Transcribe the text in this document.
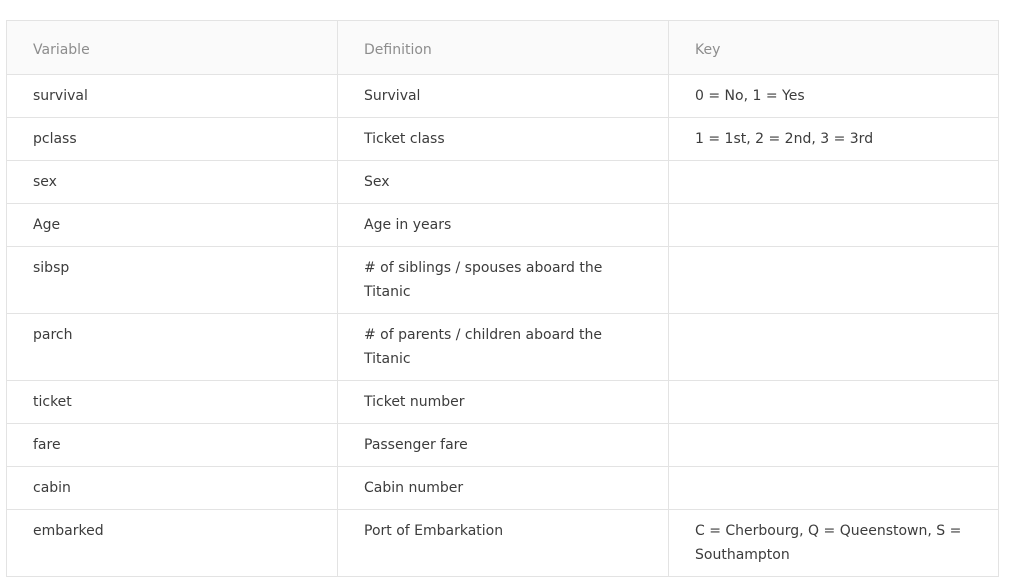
Variable	Definition	Key
survival	Survival	0 = No, 1 = Yes
pclass	Ticket class	1 = 1st, 2 = 2nd, 3 = 3rd
sex	Sex	
Age	Age in years	
sibsp	# of siblings / spouses aboard the Titanic	
parch	# of parents / children aboard the Titanic	
ticket	Ticket number	
fare	Passenger fare	
cabin	Cabin number	
embarked	Port of Embarkation	C = Cherbourg, Q = Queenstown, S = Southampton
